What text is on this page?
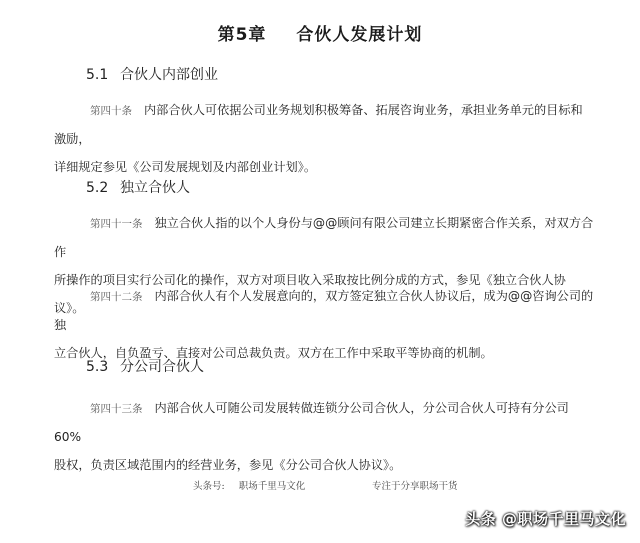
第5章 合伙人发展计划
5.1 合伙人内部创业
第四十条 内部合伙人可依据公司业务规划积极筹备、拓展咨询业务，承担业务单元的目标和激励，
详细规定参见《公司发展规划及内部创业计划》。
5.2 独立合伙人
第四十一条 独立合伙人指的以个人身份与@@顾问有限公司建立长期紧密合作关系，对双方合作
所操作的项目实行公司化的操作，双方对项目收入采取按比例分成的方式，参见《独立合伙人协议》。
第四十二条 内部合伙人有个人发展意向的，双方签定独立合伙人协议后，成为@@咨询公司的独
立合伙人，自负盈亏、直接对公司总裁负责。双方在工作中采取平等协商的机制。
5.3 分公司合伙人
第四十三条 内部合伙人可随公司发展转做连锁分公司合伙人，分公司合伙人可持有分公司 60%
股权，负责区域范围内的经营业务，参见《分公司合伙人协议》。
头条号: 职场千里马文化	专注于分享职场干货
头条 @职场千里马文化
